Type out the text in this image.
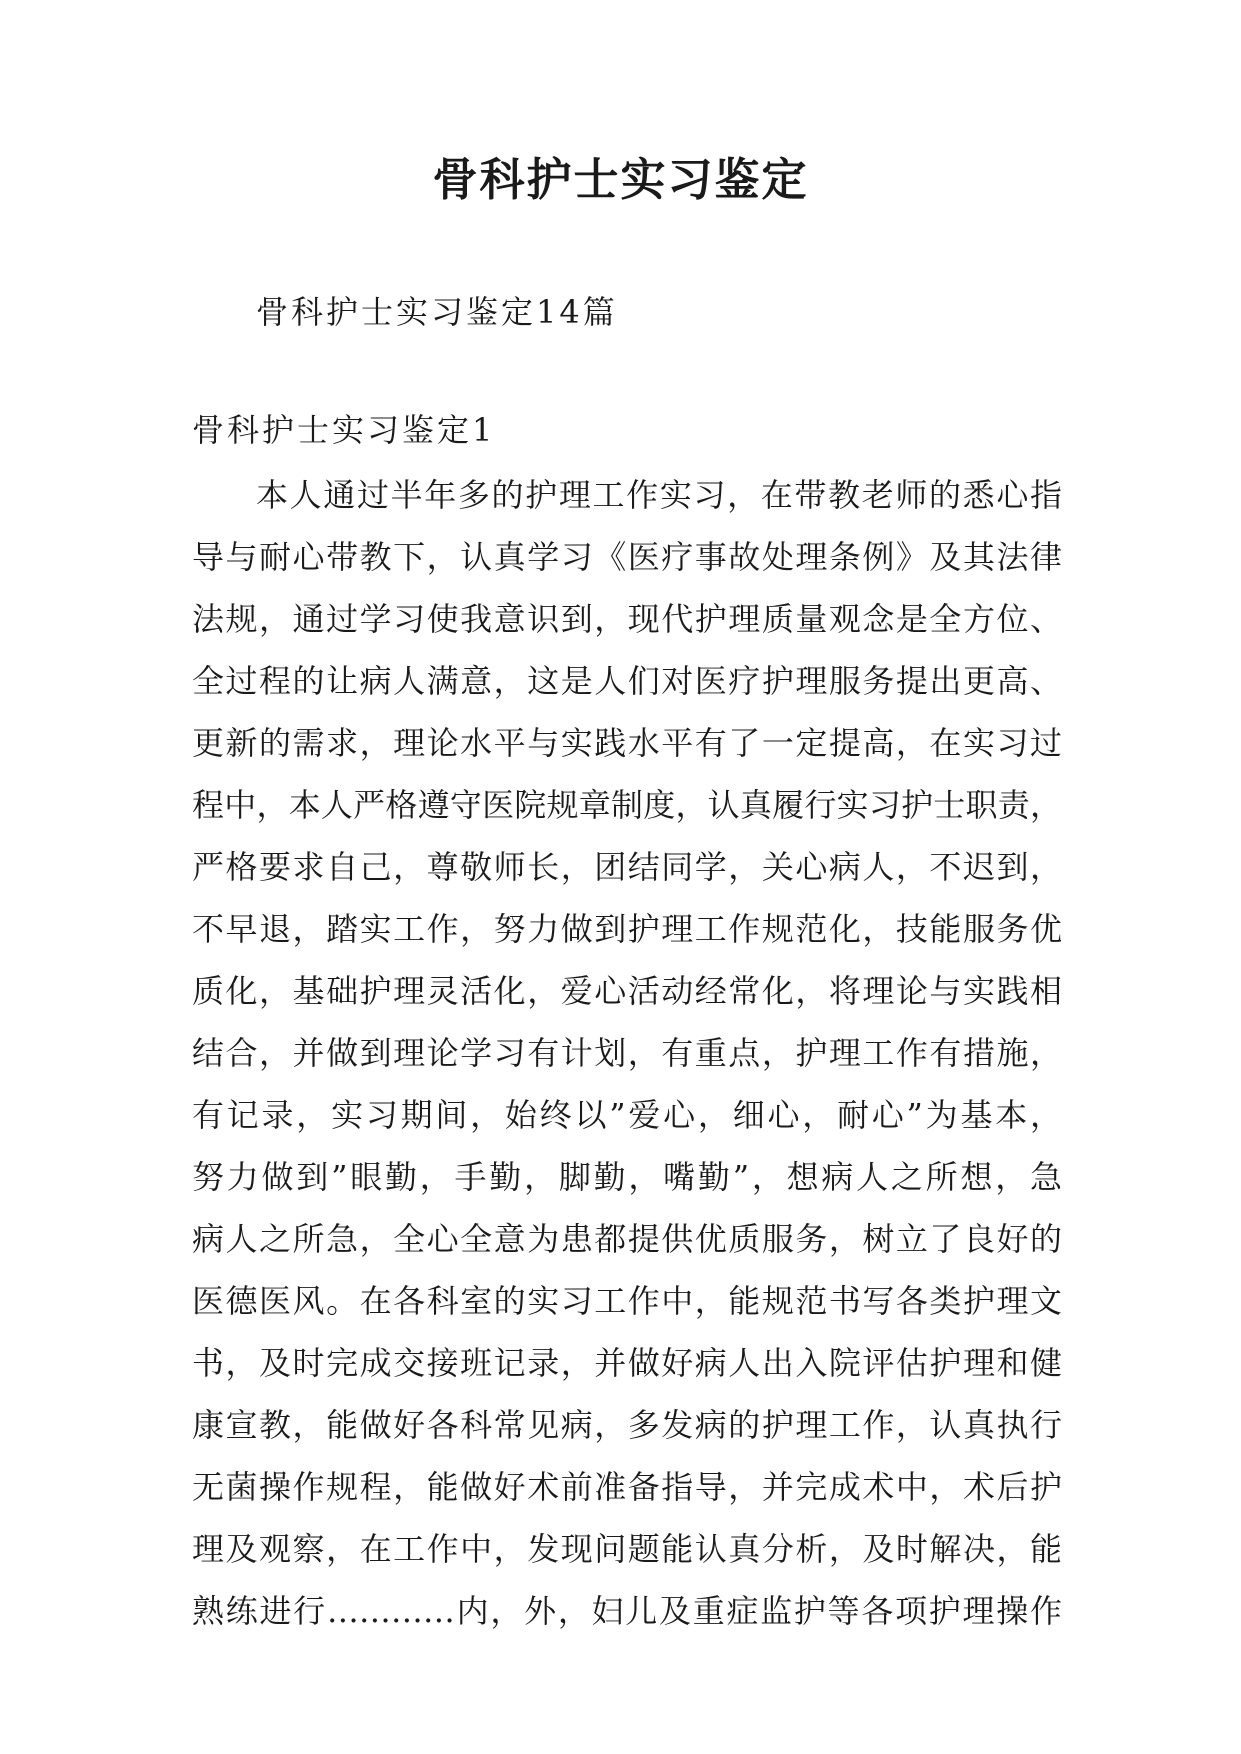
骨科护士实习鉴定
骨科护士实习鉴定14篇
骨科护士实习鉴定1
本人通过半年多的护理工作实习，在带教老师的悉心指
导与耐心带教下，认真学习《医疗事故处理条例》及其法律
法规，通过学习使我意识到，现代护理质量观念是全方位、
全过程的让病人满意，这是人们对医疗护理服务提出更高、
更新的需求，理论水平与实践水平有了一定提高，在实习过
程中，本人严格遵守医院规章制度，认真履行实习护士职责，
严格要求自己，尊敬师长，团结同学，关心病人，不迟到，
不早退，踏实工作，努力做到护理工作规范化，技能服务优
质化，基础护理灵活化，爱心活动经常化，将理论与实践相
结合，并做到理论学习有计划，有重点，护理工作有措施，
有记录，实习期间，始终以”爱心，细心，耐心”为基本，
努力做到”眼勤，手勤，脚勤，嘴勤”，想病人之所想，急
病人之所急，全心全意为患都提供优质服务，树立了良好的
医德医风。在各科室的实习工作中，能规范书写各类护理文
书，及时完成交接班记录，并做好病人出入院评估护理和健
康宣教，能做好各科常见病，多发病的护理工作，认真执行
无菌操作规程，能做好术前准备指导，并完成术中，术后护
理及观察，在工作中，发现问题能认真分析，及时解决，能
熟练进行…………内，外，妇儿及重症监护等各项护理操作
